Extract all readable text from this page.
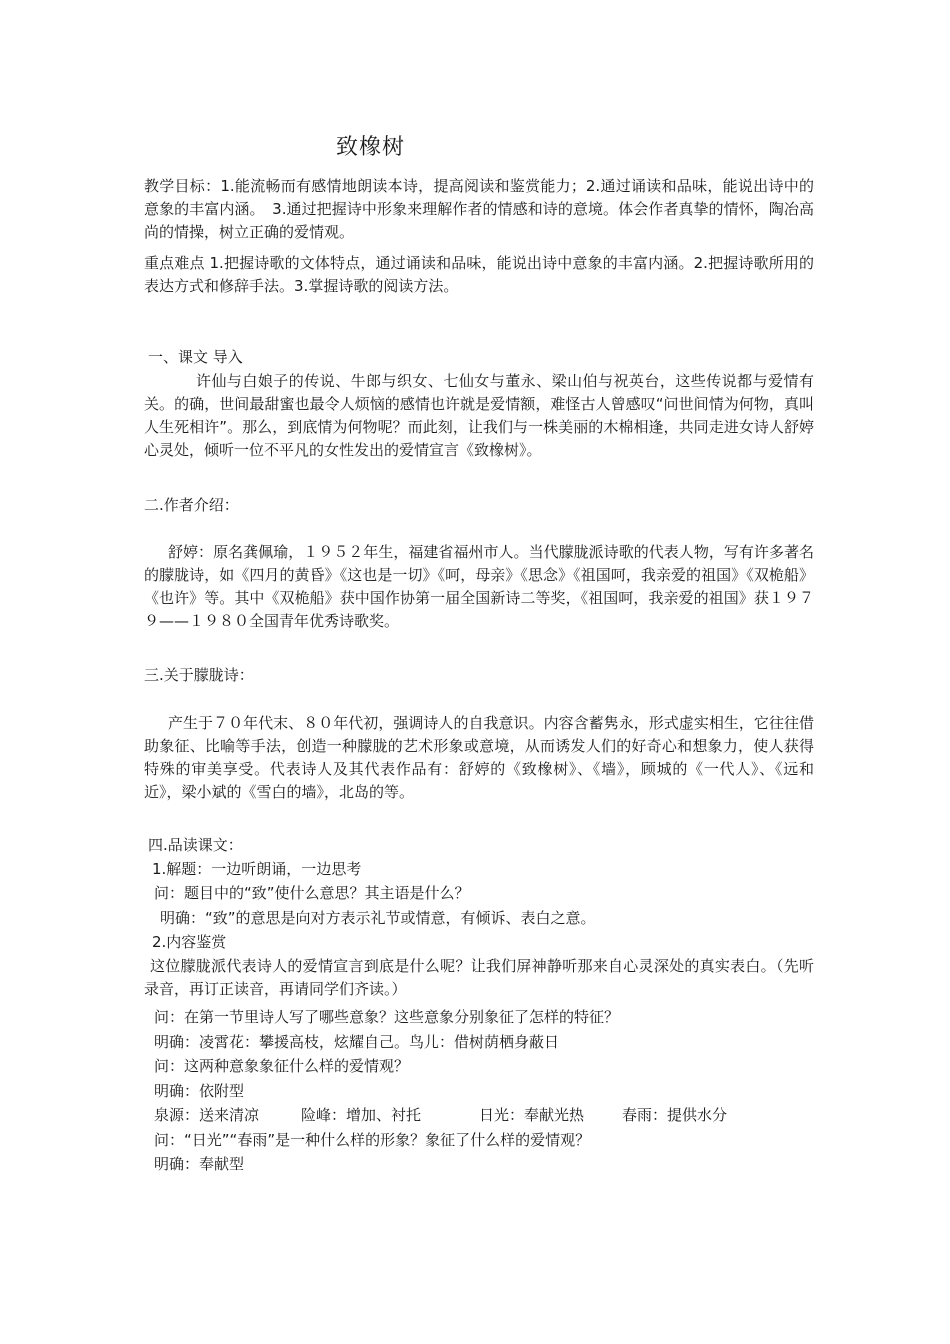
致橡树

教学目标：1.能流畅而有感情地朗读本诗，提高阅读和鉴赏能力；2.通过诵读和品味，能说出诗中的意象的丰富内涵。　3.通过把握诗中形象来理解作者的情感和诗的意境。体会作者真挚的情怀，陶冶高尚的情操，树立正确的爱情观。

重点难点 1.把握诗歌的文体特点，通过诵读和品味，能说出诗中意象的丰富内涵。2.把握诗歌所用的表达方式和修辞手法。3.掌握诗歌的阅读方法。

一、课文 导入

许仙与白娘子的传说、牛郎与织女、七仙女与董永、梁山伯与祝英台，这些传说都与爱情有关。的确，世间最甜蜜也最令人烦恼的感情也许就是爱情额，难怪古人曾感叹“问世间情为何物，真叫人生死相许”。那么，到底情为何物呢？而此刻，让我们与一株美丽的木棉相逢，共同走进女诗人舒婷心灵处，倾听一位不平凡的女性发出的爱情宣言《致橡树》。

二.作者介绍：

舒婷：原名龚佩瑜，１９５２年生，福建省福州市人。当代朦胧派诗歌的代表人物，写有许多著名的朦胧诗，如《四月的黄昏》《这也是一切》《呵，母亲》《思念》《祖国呵，我亲爱的祖国》《双桅船》《也许》等。其中《双桅船》获中国作协第一届全国新诗二等奖，《祖国呵，我亲爱的祖国》获１９７９——１９８０全国青年优秀诗歌奖。

三.关于朦胧诗：

产生于７０年代末、８０年代初，强调诗人的自我意识。内容含蓄隽永，形式虚实相生，它往往借助象征、比喻等手法，创造一种朦胧的艺术形象或意境，从而诱发人们的好奇心和想象力，使人获得特殊的审美享受。代表诗人及其代表作品有：舒婷的《致橡树》、《墙》，顾城的《一代人》、《远和近》，梁小斌的《雪白的墙》，北岛的等。

四.品读课文：
1.解题：一边听朗诵，一边思考
问：题目中的“致”使什么意思？其主语是什么？
明确：“致”的意思是向对方表示礼节或情意，有倾诉、表白之意。
2.内容鉴赏

这位朦胧派代表诗人的爱情宣言到底是什么呢？让我们屏神静听那来自心灵深处的真实表白。（先听录音，再订正读音，再请同学们齐读。）

问：在第一节里诗人写了哪些意象？这些意象分别象征了怎样的特征？
明确：凌霄花：攀援高枝，炫耀自己。鸟儿：借树荫栖身蔽日
问：这两种意象象征什么样的爱情观？
明确：依附型
泉源：送来清凉	险峰：增加、衬托	日光：奉献光热	春雨：提供水分
问：“日光”“春雨”是一种什么样的形象？象征了什么样的爱情观？
明确：奉献型
